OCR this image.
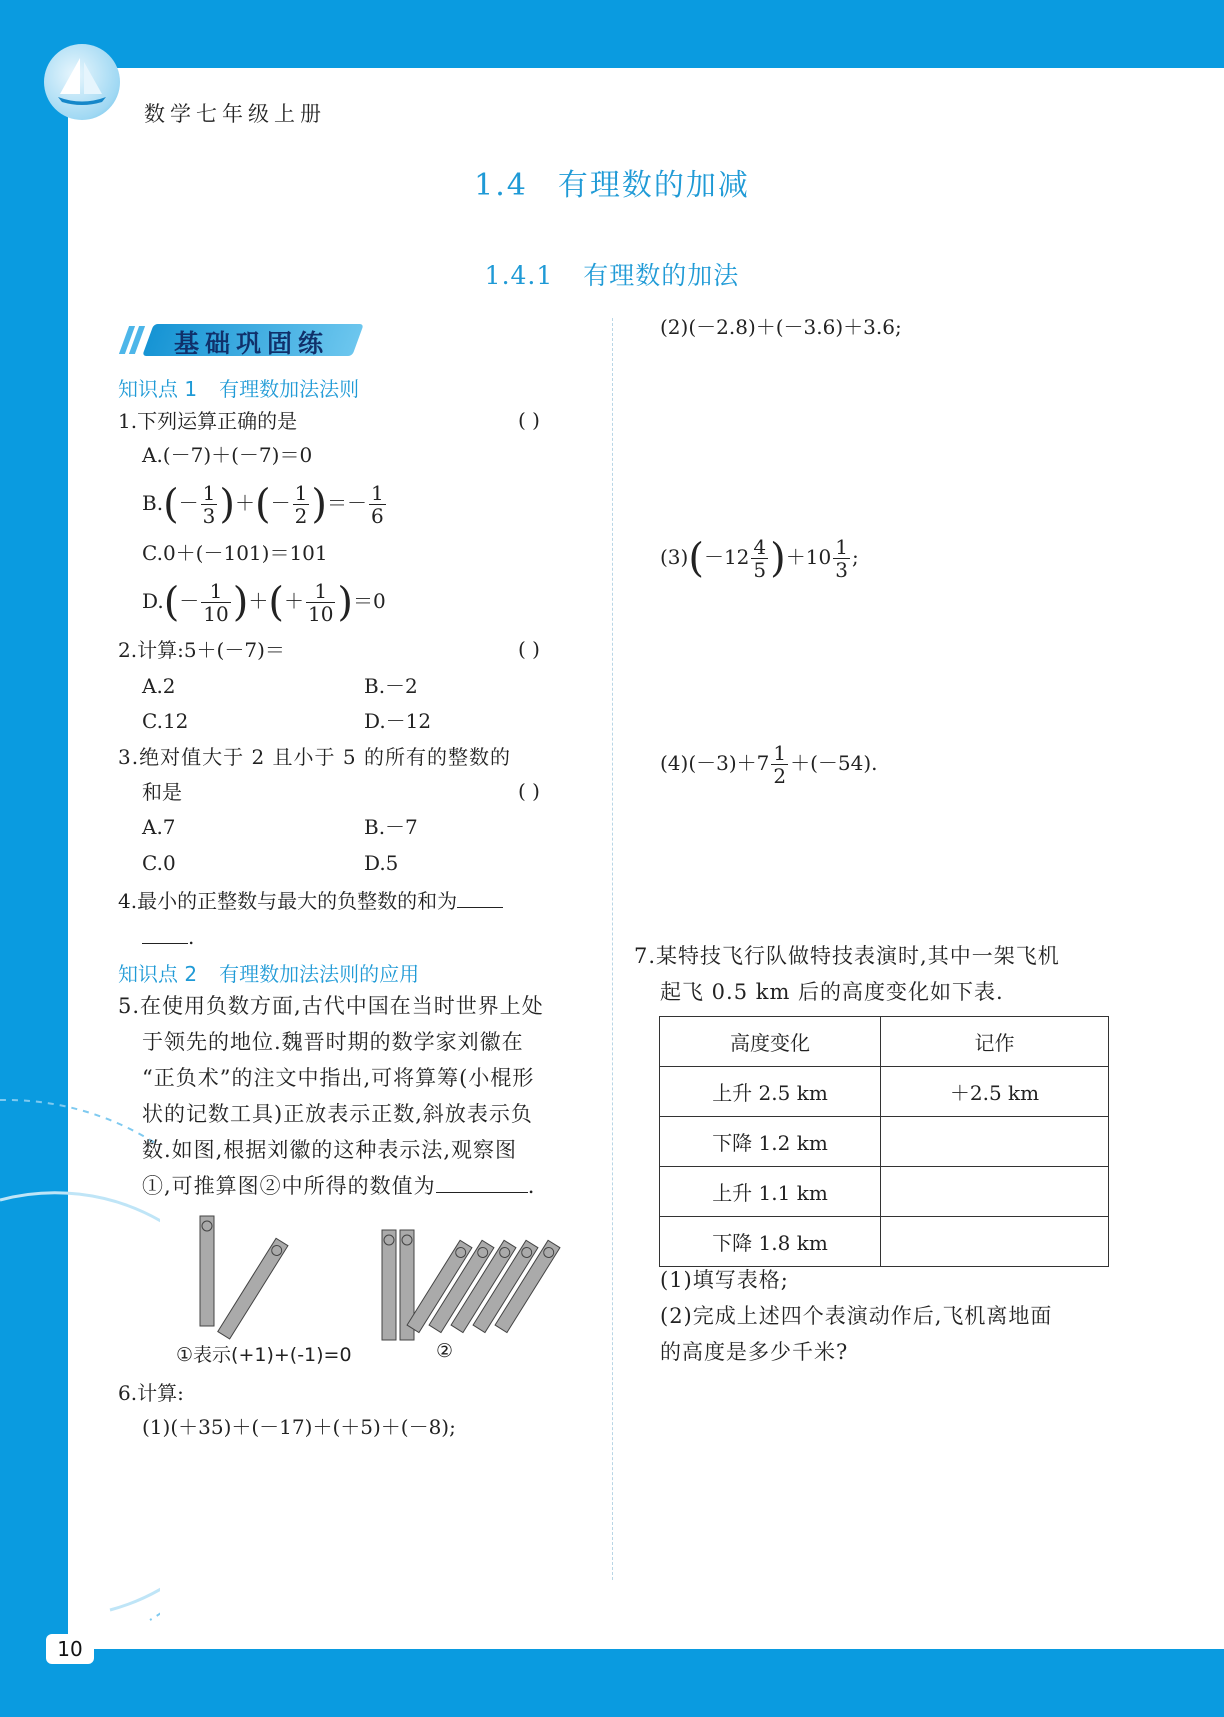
数学七年级上册
1.4 有理数的加减
1.4.1 有理数的加法
基础巩固练
知识点 1 有理数加法法则
1.下列运算正确的是	( )
A.(－7)＋(－7)＝0
$B.(- \frac{1}{3}$ )＋(－ $\frac{1}{2}$ )＝－ $\frac{1}{6}$
C.0＋(－101)＝101
$D.(- \frac{1}{10}$ )＋(＋ $\frac{1}{10} )=0$
2.计算:5＋(－7)＝	( )
A.2	B.－2
C.12	D.－12
3.绝对值大于 2 且小于 5 的所有的整数的
和是	( )
A.7	B.－7
C.0	D.5
4.最小的正整数与最大的负整数的和为
.
知识点 2 有理数加法法则的应用
5.在使用负数方面,古代中国在当时世界上处
于领先的地位.魏晋时期的数学家刘徽在
“正负术”的注文中指出,可将算筹(小棍形
状的记数工具)正放表示正数,斜放表示负
数.如图,根据刘徽的这种表示法,观察图
①,可推算图②中所得的数值为	.
①表示(+1)+(-1)=0	②
6.计算:
(1)(＋35)＋(－17)＋(＋5)＋(－8);
(2)(－2.8)＋(－3.6)＋3.6;
$(3)(-12 \frac{4}{5} )+10 \frac{1}{3}$ ;
$(4)(-3)+7 \frac{1}{2} +(-54)$.
7.某特技飞行队做特技表演时,其中一架飞机
起飞 0.5 km 后的高度变化如下表.
高度变化	记作
上升 2.5 km	＋2.5 km
下降 1.2 km	
上升 1.1 km	
下降 1.8 km	
(1)填写表格;
(2)完成上述四个表演动作后,飞机离地面
的高度是多少千米?
10
